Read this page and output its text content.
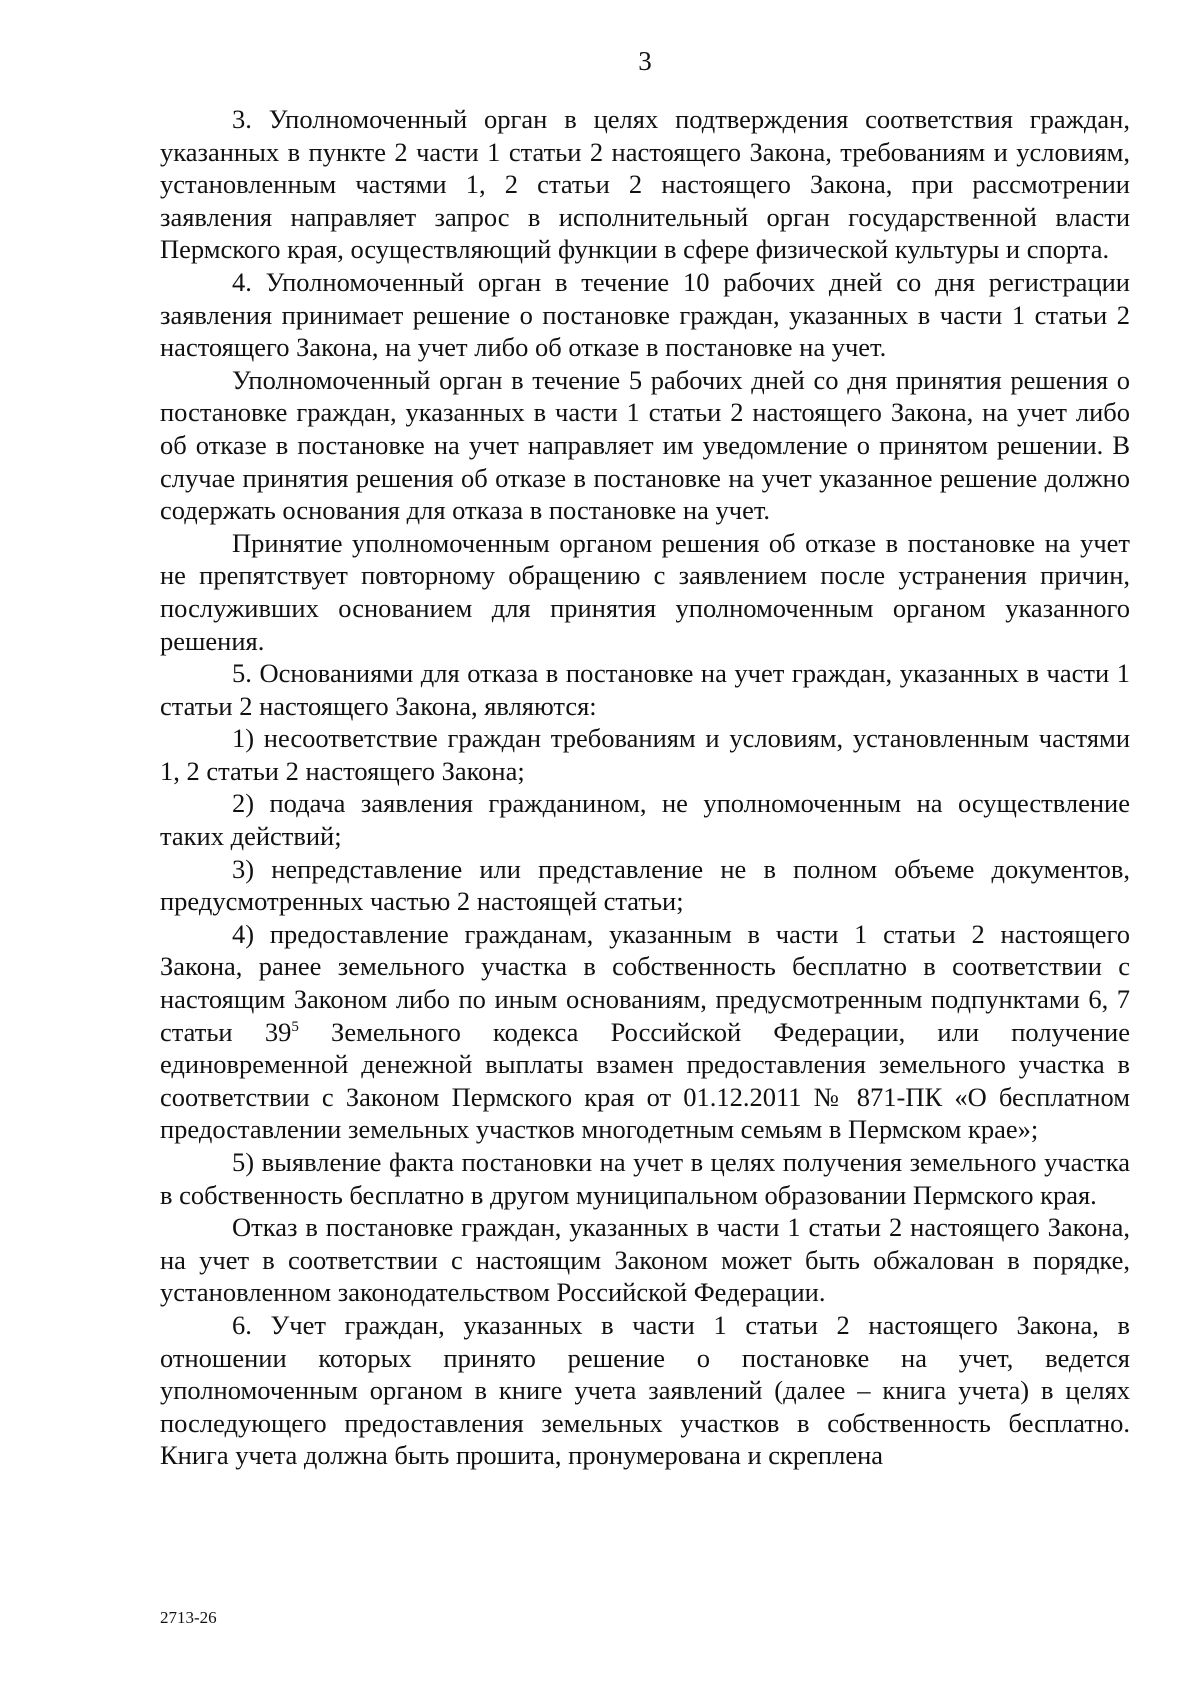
3

3. Уполномоченный орган в целях подтверждения соответствия граждан, указанных в пункте 2 части 1 статьи 2 настоящего Закона, требованиям и условиям, установленным частями 1, 2 статьи 2 настоящего Закона, при рассмотрении заявления направляет запрос в исполнительный орган государственной власти Пермского края, осуществляющий функции в сфере физической культуры и спорта.

4. Уполномоченный орган в течение 10 рабочих дней со дня регистрации заявления принимает решение о постановке граждан, указанных в части 1 статьи 2 настоящего Закона, на учет либо об отказе в постановке на учет.

Уполномоченный орган в течение 5 рабочих дней со дня принятия решения о постановке граждан, указанных в части 1 статьи 2 настоящего Закона, на учет либо об отказе в постановке на учет направляет им уведомление о принятом решении. В случае принятия решения об отказе в постановке на учет указанное решение должно содержать основания для отказа в постановке на учет.

Принятие уполномоченным органом решения об отказе в постановке на учет не препятствует повторному обращению с заявлением после устранения причин, послуживших основанием для принятия уполномоченным органом указанного решения.

5. Основаниями для отказа в постановке на учет граждан, указанных в части 1 статьи 2 настоящего Закона, являются:

1) несоответствие граждан требованиям и условиям, установленным частями 1, 2 статьи 2 настоящего Закона;

2) подача заявления гражданином, не уполномоченным на осуществление таких действий;

3) непредставление или представление не в полном объеме документов, предусмотренных частью 2 настоящей статьи;

4) предоставление гражданам, указанным в части 1 статьи 2 настоящего Закона, ранее земельного участка в собственность бесплатно в соответствии с настоящим Законом либо по иным основаниям, предусмотренным подпунктами 6, 7 статьи $39^5$ Земельного кодекса Российской Федерации, или получение единовременной денежной выплаты взамен предоставления земельного участка в соответствии с Законом Пермского края от 01.12.2011 № 871-ПК «О бесплатном предоставлении земельных участков многодетным семьям в Пермском крае»;

5) выявление факта постановки на учет в целях получения земельного участка в собственность бесплатно в другом муниципальном образовании Пермского края.

Отказ в постановке граждан, указанных в части 1 статьи 2 настоящего Закона, на учет в соответствии с настоящим Законом может быть обжалован в порядке, установленном законодательством Российской Федерации.

6. Учет граждан, указанных в части 1 статьи 2 настоящего Закона, в отношении которых принято решение о постановке на учет, ведется уполномоченным органом в книге учета заявлений (далее – книга учета) в целях последующего предоставления земельных участков в собственность бесплатно. Книга учета должна быть прошита, пронумерована и скреплена

2713-26
